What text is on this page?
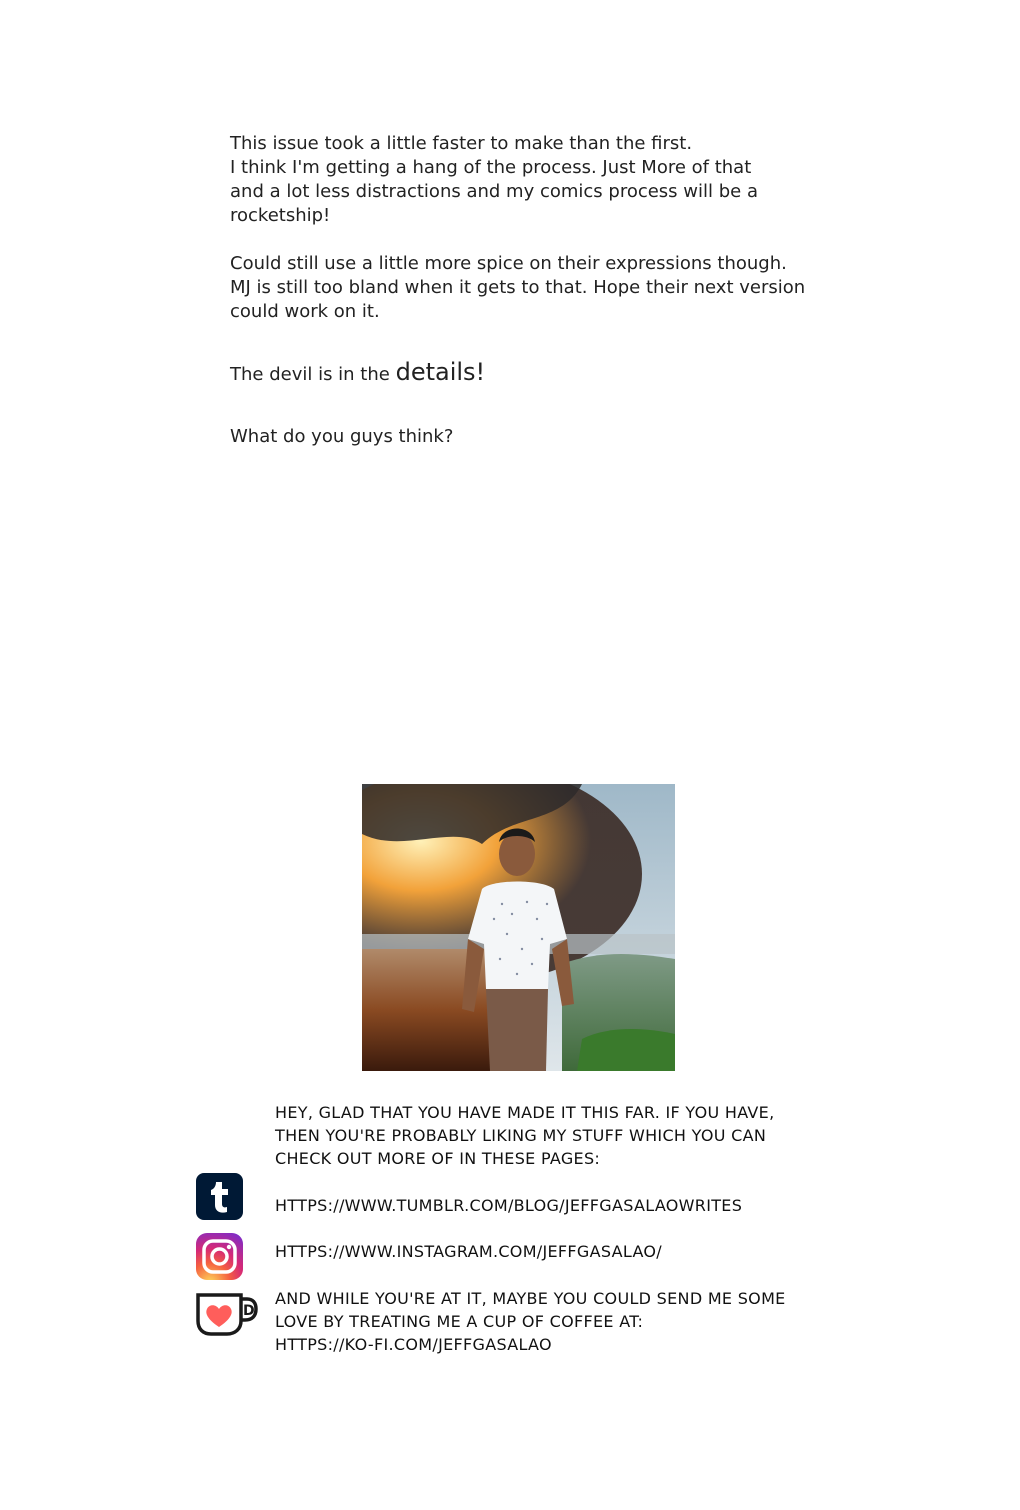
This issue took a little faster to make than the first.

I think I'm getting a hang of the process. Just More of that

and a lot less distractions and my comics process will be a

rocketship!

Could still use a little more spice on their expressions though.

MJ is still too bland when it gets to that. Hope their next version

could work on it.

The devil is in the details!

What do you guys think?

HEY, GLAD THAT YOU HAVE MADE IT THIS FAR. IF YOU HAVE,

THEN YOU'RE PROBABLY LIKING MY STUFF WHICH YOU CAN

CHECK OUT MORE OF IN THESE PAGES:

HTTPS://WWW.TUMBLR.COM/BLOG/JEFFGASALAOWRITES
HTTPS://WWW.INSTAGRAM.COM/JEFFGASALAO/
D

AND WHILE YOU'RE AT IT, MAYBE YOU COULD SEND ME SOME

LOVE BY TREATING ME A CUP OF COFFEE AT:

HTTPS://KO-FI.COM/JEFFGASALAO
